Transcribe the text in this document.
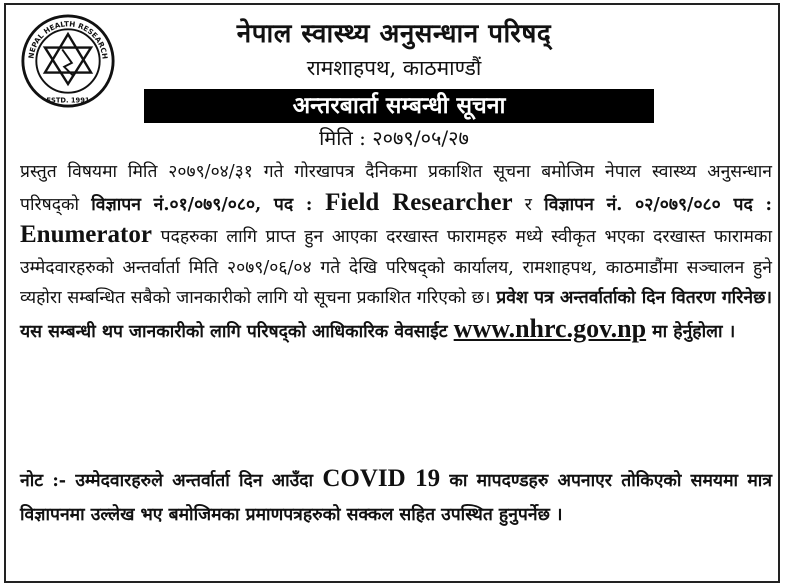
NEPAL HEALTH RESEARCH
ESTD. 1991
नेपाल स्वास्थ्य अनुसन्धान परिषद्
रामशाहपथ, काठमाण्डौं
अन्तरबार्ता सम्बन्धी सूचना
मिति : २०७९/०५/२७
प्रस्तुत विषयमा मिति २०७९/०४/३१ गते गोरखापत्र दैनिकमा प्रकाशित सूचना बमोजिम नेपाल स्वास्थ्य अनुसन्धान परिषद्को विज्ञापन नं.०१/०७९/०८०, पद : Field Researcher र विज्ञापन नं. ०२/०७९/०८० पद : Enumerator पदहरुका लागि प्राप्त हुन आएका दरखास्त फारामहरु मध्ये स्वीकृत भएका दरखास्त फारामका उम्मेदवारहरुको अन्तर्वार्ता मिति २०७९/०६/०४ गते देखि परिषद्को कार्यालय, रामशाहपथ, काठमाडौंमा सञ्चालन हुने व्यहोरा सम्बन्धित सबैको जानकारीको लागि यो सूचना प्रकाशित गरिएको छ। प्रवेश पत्र अन्तर्वार्ताको दिन वितरण गरिनेछ। यस सम्बन्धी थप जानकारीको लागि परिषद्को आधिकारिक वेवसाईट www.nhrc.gov.np मा हेर्नुहोला ।
नोट :- उम्मेदवारहरुले अन्तर्वार्ता दिन आउँदा COVID 19 का मापदण्डहरु अपनाएर तोकिएको समयमा मात्र विज्ञापनमा उल्लेख भए बमोजिमका प्रमाणपत्रहरुको सक्कल सहित उपस्थित हुनुपर्नेछ ।
